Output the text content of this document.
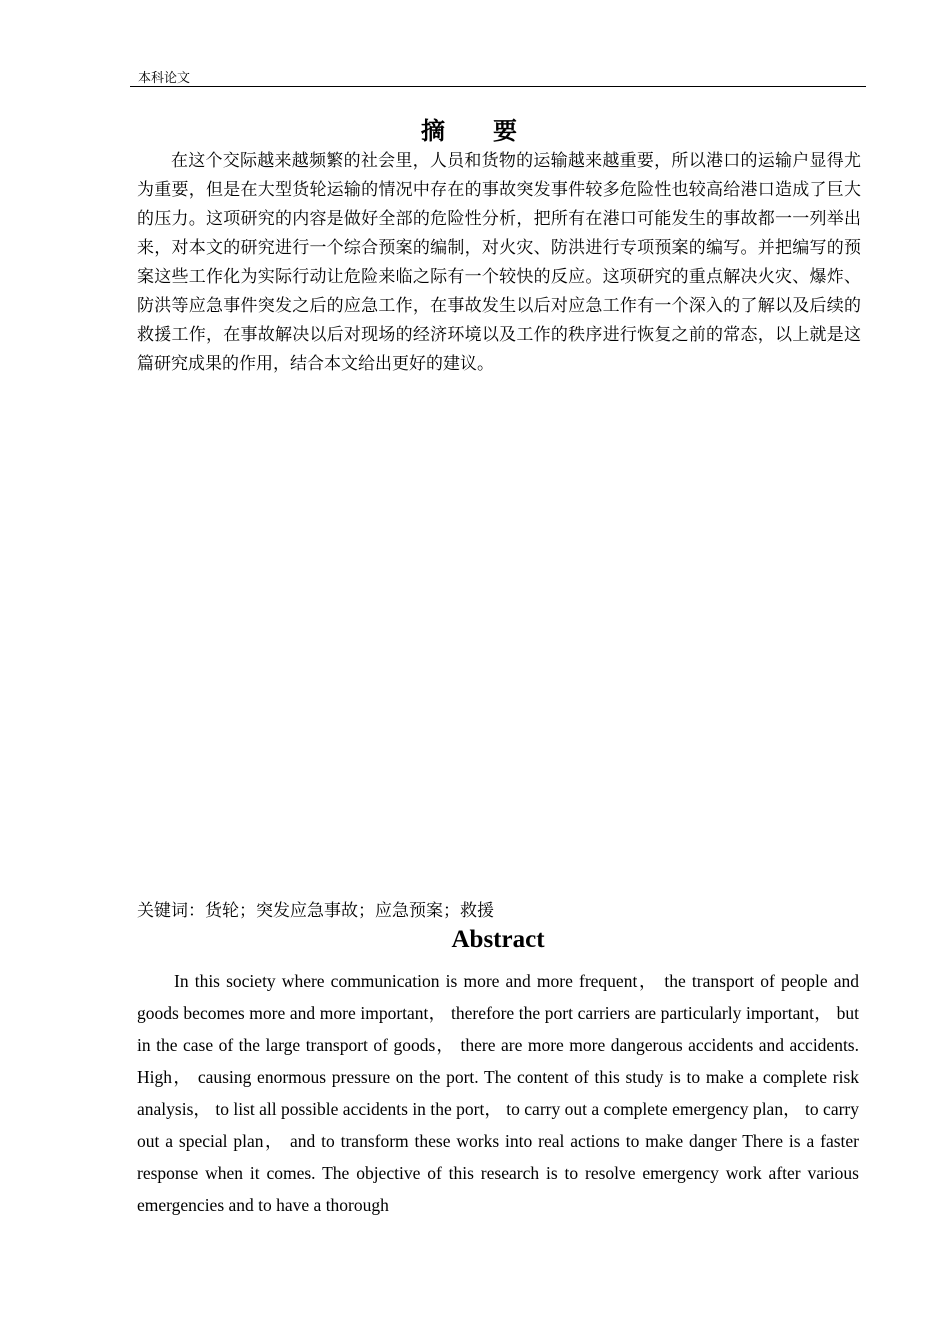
本科论文
摘　要

在这个交际越来越频繁的社会里，人员和货物的运输越来越重要，所以港口的运输户显得尤为重要，但是在大型货轮运输的情况中存在的事故突发事件较多危险性也较高给港口造成了巨大的压力。这项研究的内容是做好全部的危险性分析，把所有在港口可能发生的事故都一一列举出来，对本文的研究进行一个综合预案的编制，对火灾、防洪进行专项预案的编写。并把编写的预案这些工作化为实际行动让危险来临之际有一个较快的反应。这项研究的重点解决火灾、爆炸、防洪等应急事件突发之后的应急工作，在事故发生以后对应急工作有一个深入的了解以及后续的救援工作，在事故解决以后对现场的经济环境以及工作的秩序进行恢复之前的常态，以上就是这篇研究成果的作用，结合本文给出更好的建议。

关键词：货轮；突发应急事故；应急预案；救援
Abstract

In this society where communication is more and more frequent， the transport of people and goods becomes more and more important， therefore the port carriers are particularly important， but in the case of the large transport of goods， there are more more dangerous accidents and accidents. High， causing enormous pressure on the port. The content of this study is to make a complete risk analysis， to list all possible accidents in the port， to carry out a complete emergency plan， to carry out a special plan， and to transform these works into real actions to make danger There is a faster response when it comes. The objective of this research is to resolve emergency work after various emergencies and to have a thorough
